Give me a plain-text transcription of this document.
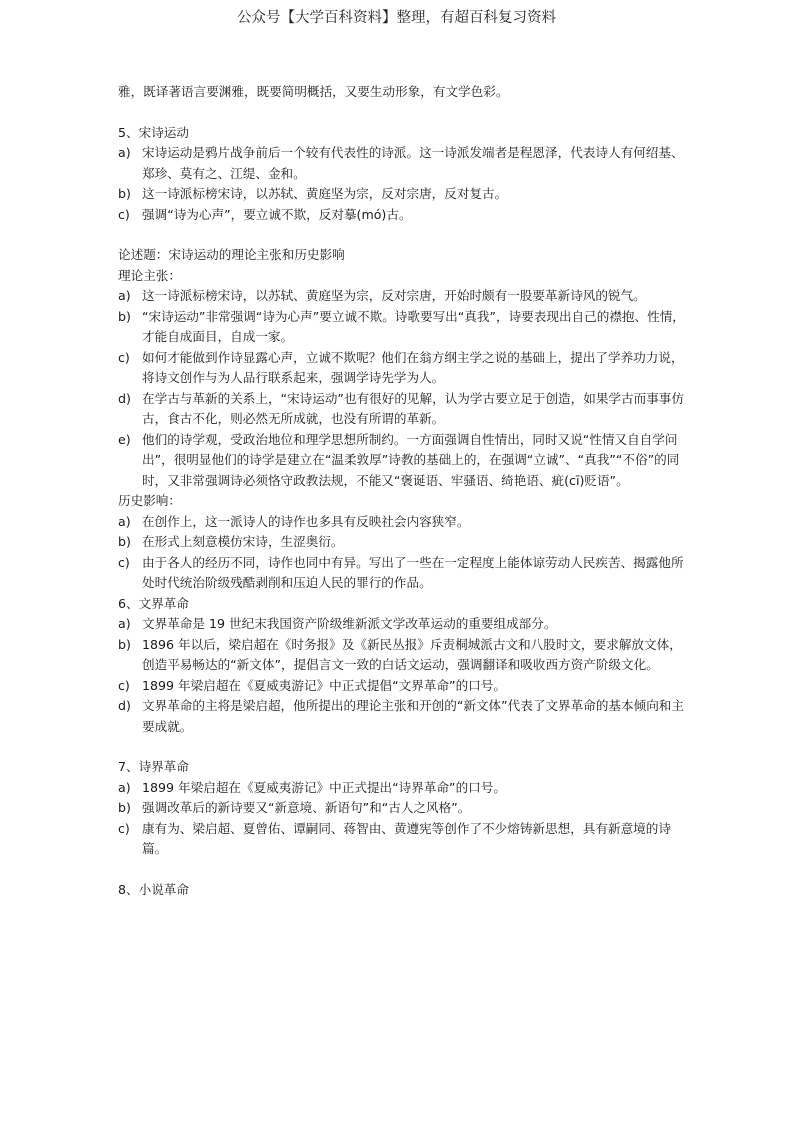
公众号【大学百科资料】整理，有超百科复习资料

雅，既译著语言要渊雅，既要简明概括，又要生动形象，有文学色彩。

5、宋诗运动

a) 宋诗运动是鸦片战争前后一个较有代表性的诗派。这一诗派发端者是程恩泽，代表诗人有何绍基、郑珍、莫有之、江缇、金和。
b) 这一诗派标榜宋诗，以苏轼、黄庭坚为宗，反对宗唐，反对复古。
c) 强调“诗为心声”，要立诚不欺，反对摹(mó)古。

论述题：宋诗运动的理论主张和历史影响

理论主张：

a) 这一诗派标榜宋诗，以苏轼、黄庭坚为宗，反对宗唐，开始时颇有一股要革新诗风的锐气。
b) “宋诗运动”非常强调“诗为心声”要立诚不欺。诗歌要写出“真我”，诗要表现出自己的襟抱、性情，才能自成面目，自成一家。
c) 如何才能做到作诗显露心声，立诚不欺呢？他们在翁方纲主学之说的基础上，提出了学养功力说，将诗文创作与为人品行联系起来，强调学诗先学为人。
d) 在学古与革新的关系上，“宋诗运动”也有很好的见解，认为学古要立足于创造，如果学古而事事仿古，食古不化，则必然无所成就，也没有所谓的革新。
e) 他们的诗学观，受政治地位和理学思想所制约。一方面强调自性情出，同时又说“性情又自自学问出”，很明显他们的诗学是建立在“温柔敦厚”诗教的基础上的，在强调“立诚”、“真我”“不俗”的同时，又非常强调诗必须恪守政教法规，不能又“褒诞语、牢骚语、绮艳语、疵(cī)贬语”。

历史影响：

a) 在创作上，这一派诗人的诗作也多具有反映社会内容狭窄。
b) 在形式上刻意模仿宋诗，生涩奥衍。
c) 由于各人的经历不同，诗作也同中有异。写出了一些在一定程度上能体谅劳动人民疾苦、揭露他所处时代统治阶级残酷剥削和压迫人民的罪行的作品。

6、文界革命

a) 文界革命是 19 世纪末我国资产阶级维新派文学改革运动的重要组成部分。
b) 1896 年以后，梁启超在《时务报》及《新民丛报》斥责桐城派古文和八股时文，要求解放文体，创造平易畅达的“新文体”，提倡言文一致的白话文运动，强调翻译和吸收西方资产阶级文化。
c) 1899 年梁启超在《夏威夷游记》中正式提倡“文界革命”的口号。
d) 文界革命的主将是梁启超，他所提出的理论主张和开创的“新文体”代表了文界革命的基本倾向和主要成就。

7、诗界革命

a) 1899 年梁启超在《夏威夷游记》中正式提出“诗界革命”的口号。
b) 强调改革后的新诗要又“新意境、新语句”和“古人之风格”。
c) 康有为、梁启超、夏曾佑、谭嗣同、蒋智由、黄遵宪等创作了不少熔铸新思想，具有新意境的诗篇。

8、小说革命
